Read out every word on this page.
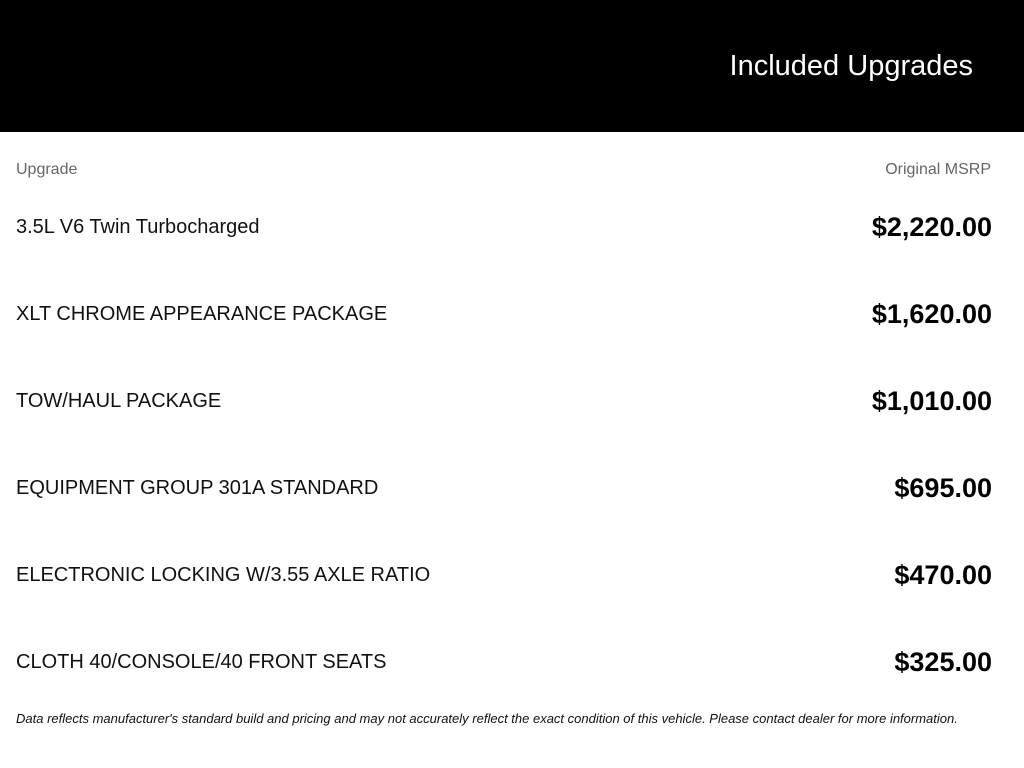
Included Upgrades
Upgrade	Original MSRP
3.5L V6 Twin Turbocharged	$2,220.00
XLT CHROME APPEARANCE PACKAGE	$1,620.00
TOW/HAUL PACKAGE	$1,010.00
EQUIPMENT GROUP 301A STANDARD	$695.00
ELECTRONIC LOCKING W/3.55 AXLE RATIO	$470.00
CLOTH 40/CONSOLE/40 FRONT SEATS	$325.00
Data reflects manufacturer's standard build and pricing and may not accurately reflect the exact condition of this vehicle. Please contact dealer for more information.
